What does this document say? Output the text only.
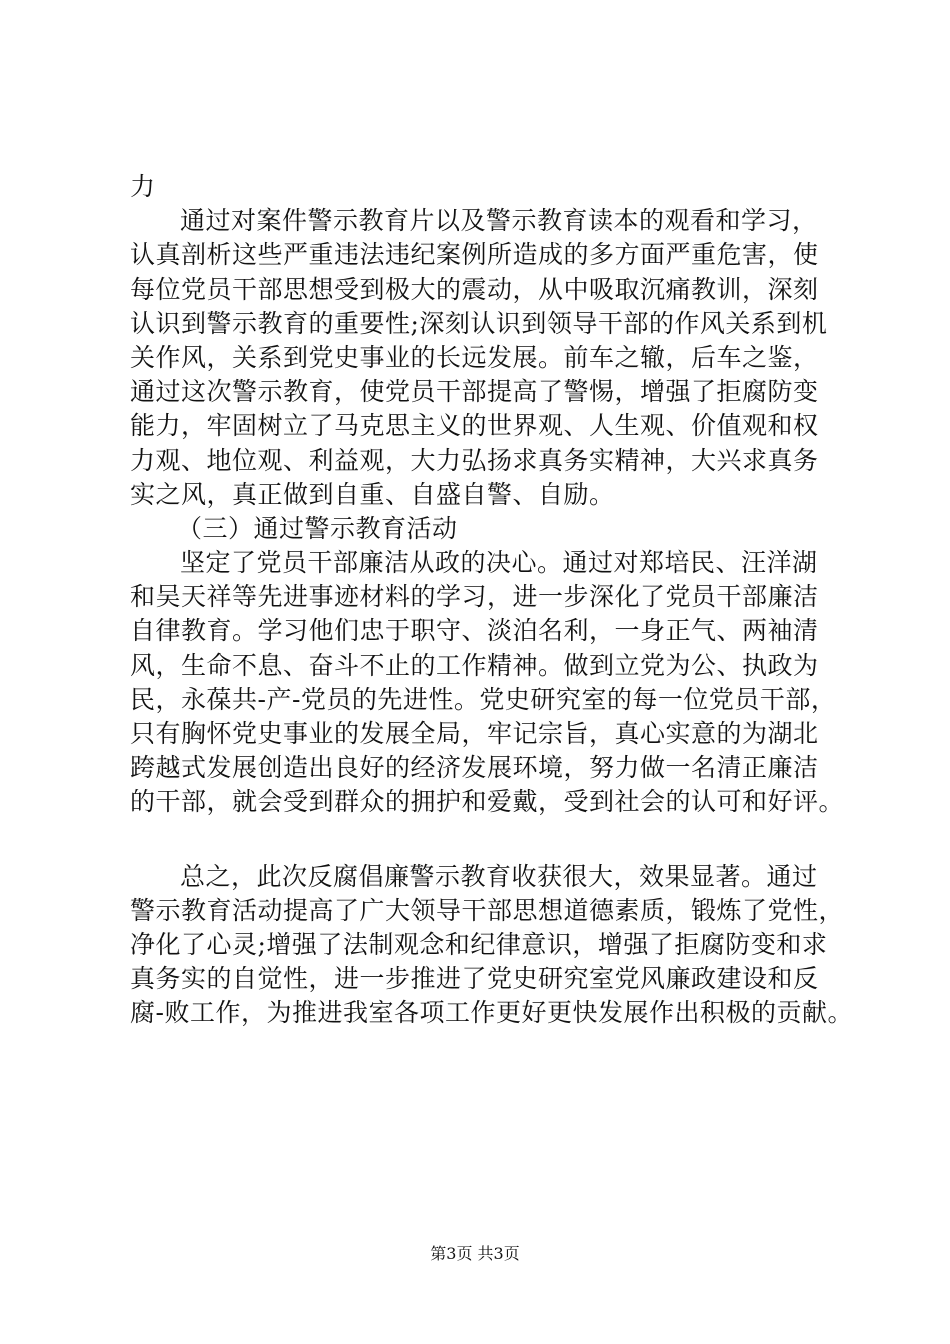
力
通过对案件警示教育片以及警示教育读本的观看和学习，
认真剖析这些严重违法违纪案例所造成的多方面严重危害，使
每位党员干部思想受到极大的震动，从中吸取沉痛教训，深刻
认识到警示教育的重要性;深刻认识到领导干部的作风关系到机
关作风，关系到党史事业的长远发展。前车之辙，后车之鉴，
通过这次警示教育，使党员干部提高了警惕，增强了拒腐防变
能力，牢固树立了马克思主义的世界观、人生观、价值观和权
力观、地位观、利益观，大力弘扬求真务实精神，大兴求真务
实之风，真正做到自重、自盛自警、自励。
（三）通过警示教育活动
坚定了党员干部廉洁从政的决心。通过对郑培民、汪洋湖
和吴天祥等先进事迹材料的学习，进一步深化了党员干部廉洁
自律教育。学习他们忠于职守、淡泊名利，一身正气、两袖清
风，生命不息、奋斗不止的工作精神。做到立党为公、执政为
民，永葆共-产-党员的先进性。党史研究室的每一位党员干部，
只有胸怀党史事业的发展全局，牢记宗旨，真心实意的为湖北
跨越式发展创造出良好的经济发展环境，努力做一名清正廉洁
的干部，就会受到群众的拥护和爱戴，受到社会的认可和好评。
总之，此次反腐倡廉警示教育收获很大，效果显著。通过
警示教育活动提高了广大领导干部思想道德素质，锻炼了党性，
净化了心灵;增强了法制观念和纪律意识，增强了拒腐防变和求
真务实的自觉性，进一步推进了党史研究室党风廉政建设和反
腐-败工作，为推进我室各项工作更好更快发展作出积极的贡献。
第3页 共3页
